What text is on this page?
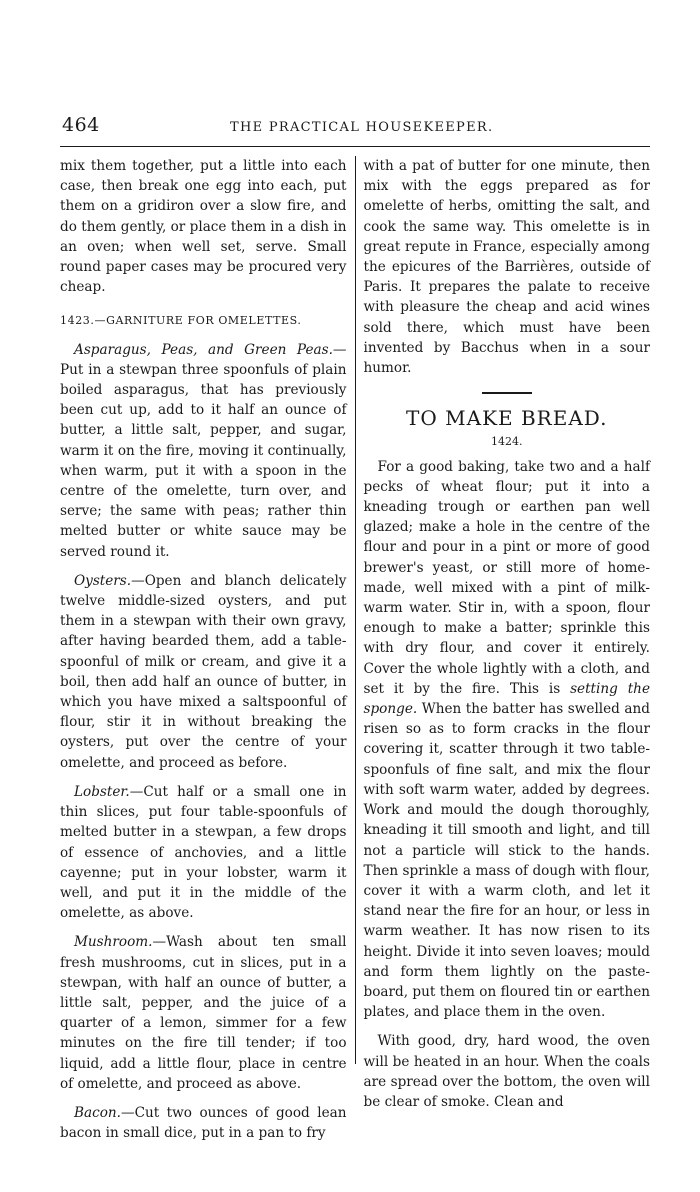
464	THE PRACTICAL HOUSEKEEPER.

mix them together, put a little into each case, then break one egg into each, put them on a gridiron over a slow fire, and do them gently, or place them in a dish in an oven; when well set, serve. Small round paper cases may be procured very cheap.

1423.—GARNITURE FOR OMELETTES.

Asparagus, Peas, and Green Peas.— Put in a stewpan three spoonfuls of plain boiled asparagus, that has previously been cut up, add to it half an ounce of butter, a little salt, pepper, and sugar, warm it on the fire, moving it continually, when warm, put it with a spoon in the centre of the omelette, turn over, and serve; the same with peas; rather thin melted butter or white sauce may be served round it.

Oysters.—Open and blanch delicately twelve middle-sized oysters, and put them in a stewpan with their own gravy, after having bearded them, add a table-spoonful of milk or cream, and give it a boil, then add half an ounce of butter, in which you have mixed a saltspoonful of flour, stir it in without breaking the oysters, put over the centre of your omelette, and proceed as before.

Lobster.—Cut half or a small one in thin slices, put four table-spoonfuls of melted butter in a stewpan, a few drops of essence of anchovies, and a little cayenne; put in your lobster, warm it well, and put it in the middle of the omelette, as above.

Mushroom.—Wash about ten small fresh mushrooms, cut in slices, put in a stewpan, with half an ounce of butter, a little salt, pepper, and the juice of a quarter of a lemon, simmer for a few minutes on the fire till tender; if too liquid, add a little flour, place in centre of omelette, and proceed as above.

Bacon.—Cut two ounces of good lean bacon in small dice, put in a pan to fry

with a pat of butter for one minute, then mix with the eggs prepared as for omelette of herbs, omitting the salt, and cook the same way. This omelette is in great repute in France, especially among the epicures of the Barrières, outside of Paris. It prepares the palate to receive with pleasure the cheap and acid wines sold there, which must have been invented by Bacchus when in a sour humor.

TO MAKE BREAD.
1424.

For a good baking, take two and a half pecks of wheat flour; put it into a kneading trough or earthen pan well glazed; make a hole in the centre of the flour and pour in a pint or more of good brewer's yeast, or still more of home-made, well mixed with a pint of milk-warm water. Stir in, with a spoon, flour enough to make a batter; sprinkle this with dry flour, and cover it entirely. Cover the whole lightly with a cloth, and set it by the fire. This is setting the sponge. When the batter has swelled and risen so as to form cracks in the flour covering it, scatter through it two table-spoonfuls of fine salt, and mix the flour with soft warm water, added by degrees. Work and mould the dough thoroughly, kneading it till smooth and light, and till not a particle will stick to the hands. Then sprinkle a mass of dough with flour, cover it with a warm cloth, and let it stand near the fire for an hour, or less in warm weather. It has now risen to its height. Divide it into seven loaves; mould and form them lightly on the paste-board, put them on floured tin or earthen plates, and place them in the oven.

With good, dry, hard wood, the oven will be heated in an hour. When the coals are spread over the bottom, the oven will be clear of smoke. Clean and
